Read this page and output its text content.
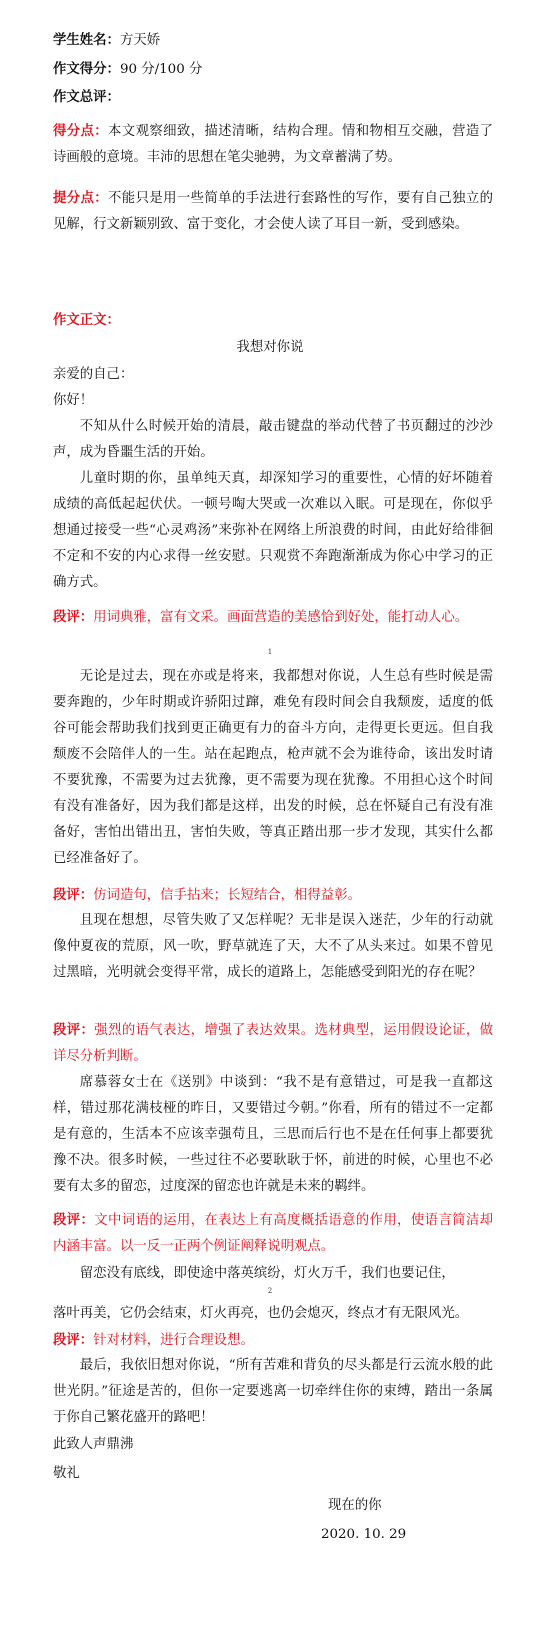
学生姓名：方天娇
作文得分：90 分/100 分
作文总评：
得分点：本文观察细致，描述清晰，结构合理。情和物相互交融，营造了诗画般的意境。丰沛的思想在笔尖驰骋，为文章蓄满了势。
提分点：不能只是用一些简单的手法进行套路性的写作，要有自己独立的见解，行文新颖别致、富于变化，才会使人读了耳目一新，受到感染。
作文正文：
我想对你说
亲爱的自己：
你好！
不知从什么时候开始的清晨，敲击键盘的举动代替了书页翻过的沙沙声，成为昏噩生活的开始。
儿童时期的你，虽单纯天真，却深知学习的重要性，心情的好坏随着成绩的高低起起伏伏。一顿号啕大哭或一次难以入眠。可是现在，你似乎想通过接受一些“心灵鸡汤”来弥补在网络上所浪费的时间，由此好给徘徊不定和不安的内心求得一丝安慰。只观赏不奔跑渐渐成为你心中学习的正确方式。
段评：用词典雅，富有文采。画面营造的美感恰到好处，能打动人心。
1
无论是过去，现在亦或是将来，我都想对你说，人生总有些时候是需要奔跑的，少年时期或许骄阳过蹿，难免有段时间会自我颓废，适度的低谷可能会帮助我们找到更正确更有力的奋斗方向，走得更长更远。但自我颓废不会陪伴人的一生。站在起跑点，枪声就不会为谁待命，该出发时请不要犹豫，不需要为过去犹豫，更不需要为现在犹豫。不用担心这个时间有没有准备好，因为我们都是这样，出发的时候，总在怀疑自己有没有准备好，害怕出错出丑，害怕失败，等真正踏出那一步才发现，其实什么都已经准备好了。
段评：仿词造句，信手拈来；长短结合，相得益彰。
且现在想想，尽管失败了又怎样呢？无非是误入迷茫，少年的行动就像仲夏夜的荒原，风一吹，野草就连了天，大不了从头来过。如果不曾见过黑暗，光明就会变得平常，成长的道路上，怎能感受到阳光的存在呢？
段评：强烈的语气表达，增强了表达效果。选材典型，运用假设论证，做详尽分析判断。
席慕蓉女士在《送别》中谈到：“我不是有意错过，可是我一直都这样，错过那花满枝桠的昨日，又要错过今朝。”你看，所有的错过不一定都是有意的，生活本不应该幸强苟且，三思而后行也不是在任何事上都要犹豫不决。很多时候，一些过往不必要耿耿于怀，前进的时候，心里也不必要有太多的留恋，过度深的留恋也许就是未来的羁绊。
段评：文中词语的运用，在表达上有高度概括语意的作用，使语言简洁却内涵丰富。以一反一正两个例证阐释说明观点。
留恋没有底线，即使途中落英缤纷，灯火万千，我们也要记住，
2
落叶再美，它仍会结束，灯火再亮，也仍会熄灭，终点才有无限风光。
段评：针对材料，进行合理设想。
最后，我依旧想对你说，“所有苦难和背负的尽头都是行云流水般的此世光阴。”征途是苦的，但你一定要逃离一切牵绊住你的束缚，踏出一条属于你自己繁花盛开的路吧！
此致人声鼎沸
敬礼
现在的你
2020. 10. 29
